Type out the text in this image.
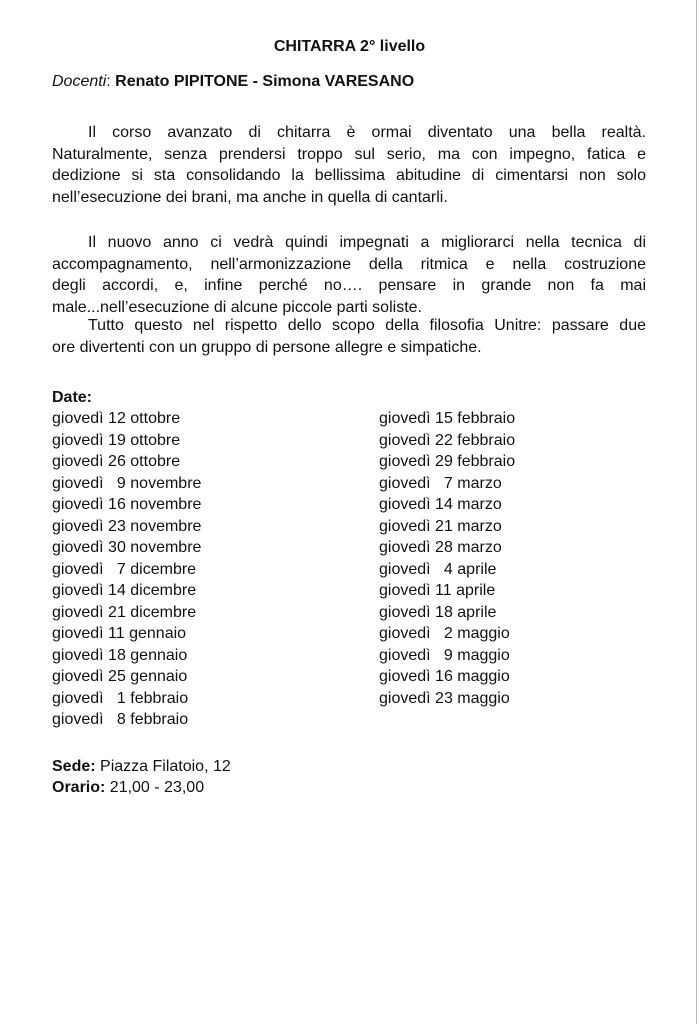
CHITARRA 2° livello
Docenti: Renato PIPITONE - Simona VARESANO
Il corso avanzato di chitarra è ormai diventato una bella realtà.
Naturalmente, senza prendersi troppo sul serio, ma con impegno, fatica e
dedizione si sta consolidando la bellissima abitudine di cimentarsi non solo
nell’esecuzione dei brani, ma anche in quella di cantarli.
Il nuovo anno ci vedrà quindi impegnati a migliorarci nella tecnica di
accompagnamento, nell’armonizzazione della ritmica e nella costruzione
degli accordi, e, infine perché no…. pensare in grande non fa mai
male...nell’esecuzione di alcune piccole parti soliste.
Tutto questo nel rispetto dello scopo della filosofia Unitre: passare due
ore divertenti con un gruppo di persone allegre e simpatiche.
Date:
giovedì 12 ottobre
giovedì 19 ottobre
giovedì 26 ottobre
giovedì   9 novembre
giovedì 16 novembre
giovedì 23 novembre
giovedì 30 novembre
giovedì   7 dicembre
giovedì 14 dicembre
giovedì 21 dicembre
giovedì 11 gennaio
giovedì 18 gennaio
giovedì 25 gennaio
giovedì   1 febbraio
giovedì   8 febbraio
giovedì 15 febbraio
giovedì 22 febbraio
giovedì 29 febbraio
giovedì   7 marzo
giovedì 14 marzo
giovedì 21 marzo
giovedì 28 marzo
giovedì   4 aprile
giovedì 11 aprile
giovedì 18 aprile
giovedì   2 maggio
giovedì   9 maggio
giovedì 16 maggio
giovedì 23 maggio
Sede: Piazza Filatoio, 12
Orario: 21,00 - 23,00
